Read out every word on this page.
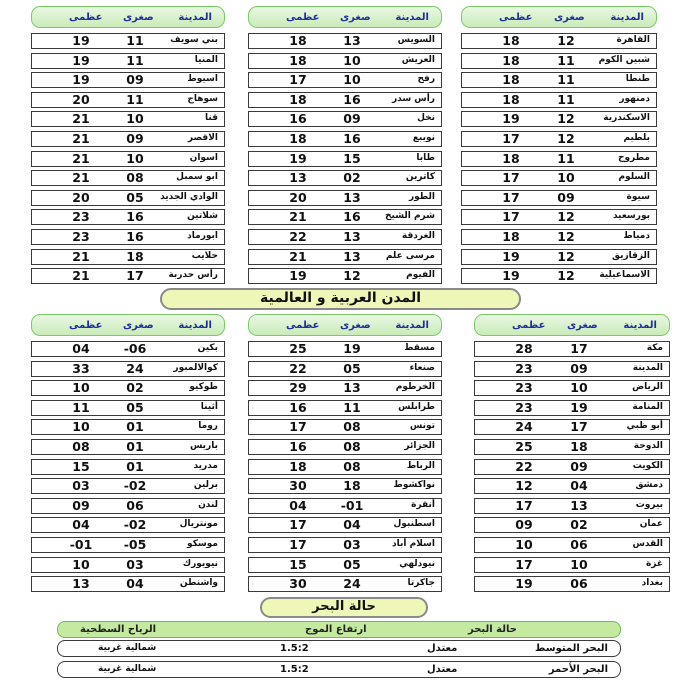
المدينة
صغرى
عظمى
بني سويف
11
19
المنيا
11
19
اسيوط
09
19
سوهاج
11
20
قنا
10
21
الاقصر
09
21
اسوان
10
21
ابو سمبل
08
21
الوادي الجديد
05
20
شلاتين
16
23
ابورماد
16
23
حلايب
18
21
رأس حدربة
17
21
المدينة
صغرى
عظمى
السويس
13
18
العريش
10
18
رفح
10
17
رأس سدر
16
18
نخل
09
16
نويبع
16
18
طابا
15
19
كاترين
02
13
الطور
13
20
شرم الشيخ
16
21
الغردقة
13
22
مرسى علم
13
21
الفيوم
12
19
المدينة
صغرى
عظمى
القاهرة
12
18
شبين الكوم
11
18
طنطا
11
18
دمنهور
11
18
الاسكندرية
12
19
بلطيم
12
17
مطروح
11
18
السلوم
10
17
سيوة
09
17
بورسعيد
12
17
دمياط
12
18
الزقازيق
12
19
الاسماعيلية
12
19
المدن العربية و العالمية
المدينة
صغرى
عظمى
بكين
-06
04
كوالالمبور
24
33
طوكيو
02
10
أثينا
05
11
روما
01
10
باريس
01
08
مدريد
01
15
برلين
-02
03
لندن
06
09
مونتريال
-02
04
موسكو
-05
-01
نيويورك
03
10
واشنطن
04
13
المدينة
صغرى
عظمى
مسقط
19
25
صنعاء
05
22
الخرطوم
13
29
طرابلس
11
16
تونس
08
17
الجزائر
08
16
الرباط
08
18
نواكشوط
18
30
أنقرة
-01
04
اسطنبول
04
17
اسلام أباد
03
17
نيودلهي
05
15
جاكرتا
24
30
المدينة
صغرى
عظمى
مكة
17
28
المدينة
09
23
الرياض
10
23
المنامة
19
23
أبو ظبي
17
24
الدوحة
18
25
الكويت
09
22
دمشق
04
12
بيروت
13
17
عمان
02
09
القدس
06
10
غزة
10
17
بغداد
06
19
حالة البحر
حالة البحر
ارتفاع الموج
الرياح السطحية
البحر المتوسط
معتدل
1.5:2
شمالية غربية
البحر الأحمر
معتدل
1.5:2
شمالية غربية
